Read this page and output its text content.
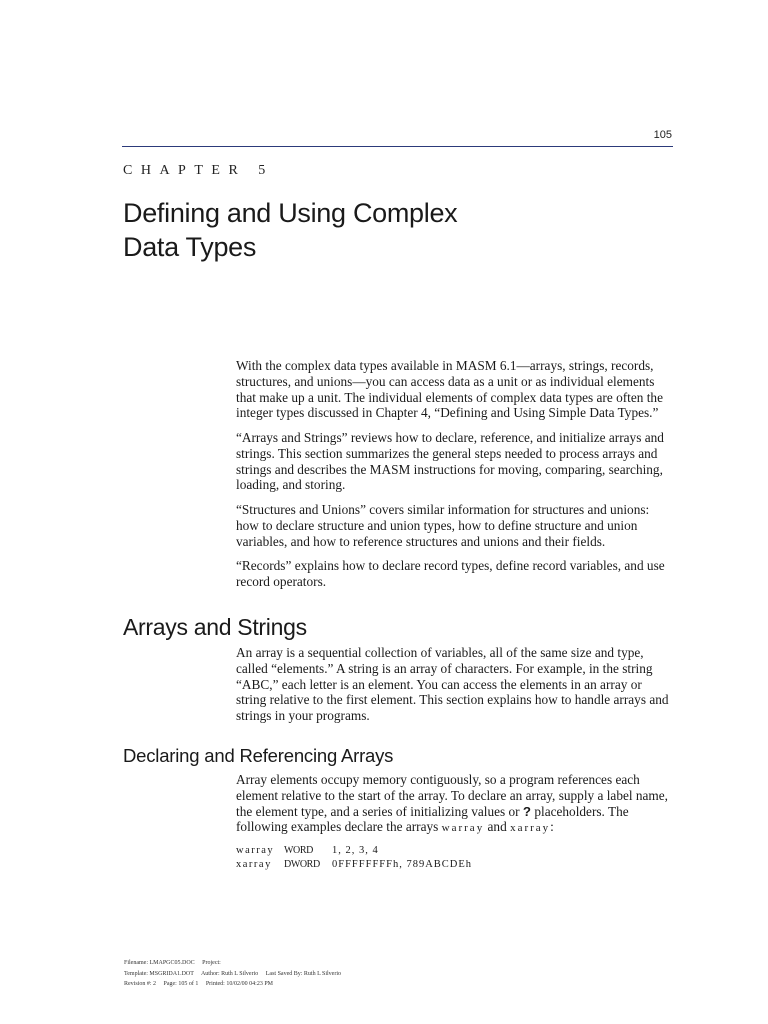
105
CHAPTER 5
Defining and Using Complex
Data Types

With the complex data types available in MASM 6.1—arrays, strings, records, structures, and unions—you can access data as a unit or as individual elements that make up a unit. The individual elements of complex data types are often the integer types discussed in Chapter 4, “Defining and Using Simple Data Types.”

“Arrays and Strings” reviews how to declare, reference, and initialize arrays and strings. This section summarizes the general steps needed to process arrays and strings and describes the MASM instructions for moving, comparing, searching, loading, and storing.

“Structures and Unions” covers similar information for structures and unions: how to declare structure and union types, how to define structure and union variables, and how to reference structures and unions and their fields.

“Records” explains how to declare record types, define record variables, and use record operators.

Arrays and Strings

An array is a sequential collection of variables, all of the same size and type, called “elements.” A string is an array of characters. For example, in the string “ABC,” each letter is an element. You can access the elements in an array or string relative to the first element. This section explains how to handle arrays and strings in your programs.

Declaring and Referencing Arrays

Array elements occupy memory contiguously, so a program references each element relative to the start of the array. To declare an array, supply a label name, the element type, and a series of initializing values or ? placeholders. The following examples declare the arrays warray and xarray:

warray WORD	1, 2, 3, 4
xarray	DWORD	0FFFFFFFFh, 789ABCDEh
Filename: LMAPGC05.DOC     Project:
Template: MSGRIDA1.DOT     Author: Ruth L Silverio     Last Saved By: Ruth L Silverio
Revision #: 2     Page: 105 of 1     Printed: 10/02/00 04:23 PM
